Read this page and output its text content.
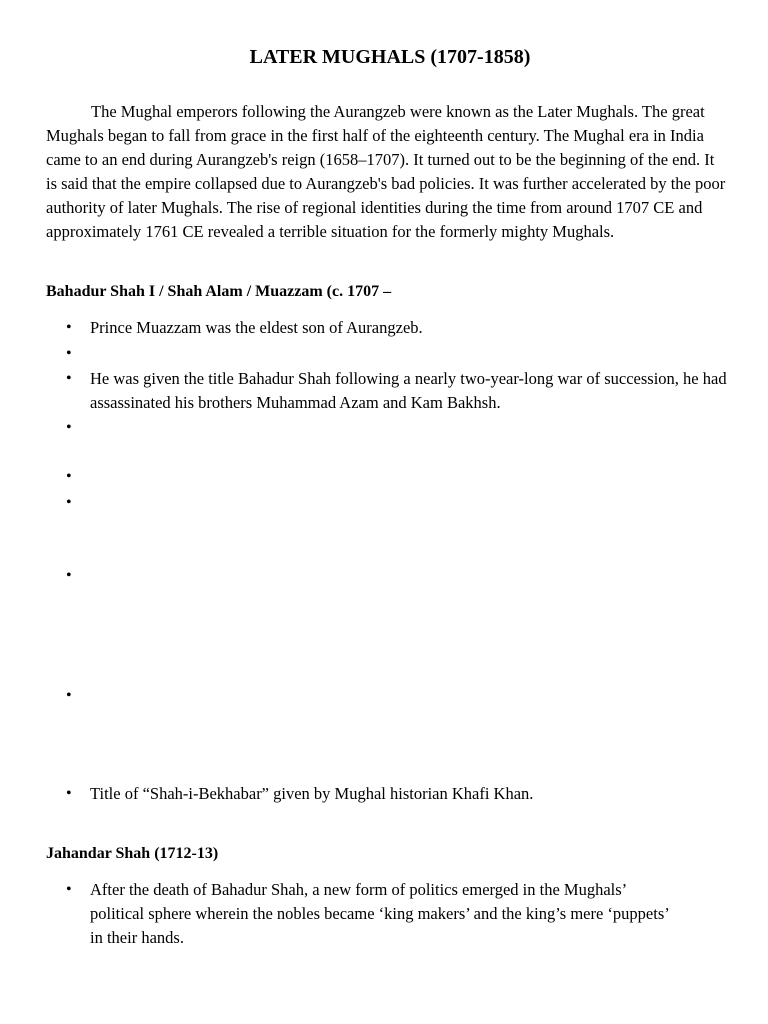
LATER MUGHALS (1707-1858)

The Mughal emperors following the Aurangzeb were known as the Later Mughals. The great Mughals began to fall from grace in the first half of the eighteenth century. The Mughal era in India came to an end during Aurangzeb's reign (1658–1707). It turned out to be the beginning of the end. It is said that the empire collapsed due to Aurangzeb's bad policies. It was further accelerated by the poor authority of later Mughals. The rise of regional identities during the time from around 1707 CE and approximately 1761 CE revealed a terrible situation for the formerly mighty Mughals.

Bahadur Shah I / Shah Alam / Muazzam (c. 1707 –
• Prince Muazzam was the eldest son of Aurangzeb.
•
• He was given the title Bahadur Shah following a nearly two-year-long war of succession, he had assassinated his brothers Muhammad Azam and Kam Bakhsh.
•
•
•
•
•
• Title of “Shah-i-Bekhabar” given by Mughal historian Khafi Khan.
Jahandar Shah (1712-13)
• After the death of Bahadur Shah, a new form of politics emerged in the Mughals’ political sphere wherein the nobles became ‘king makers’ and the king’s mere ‘puppets’ in their hands.
